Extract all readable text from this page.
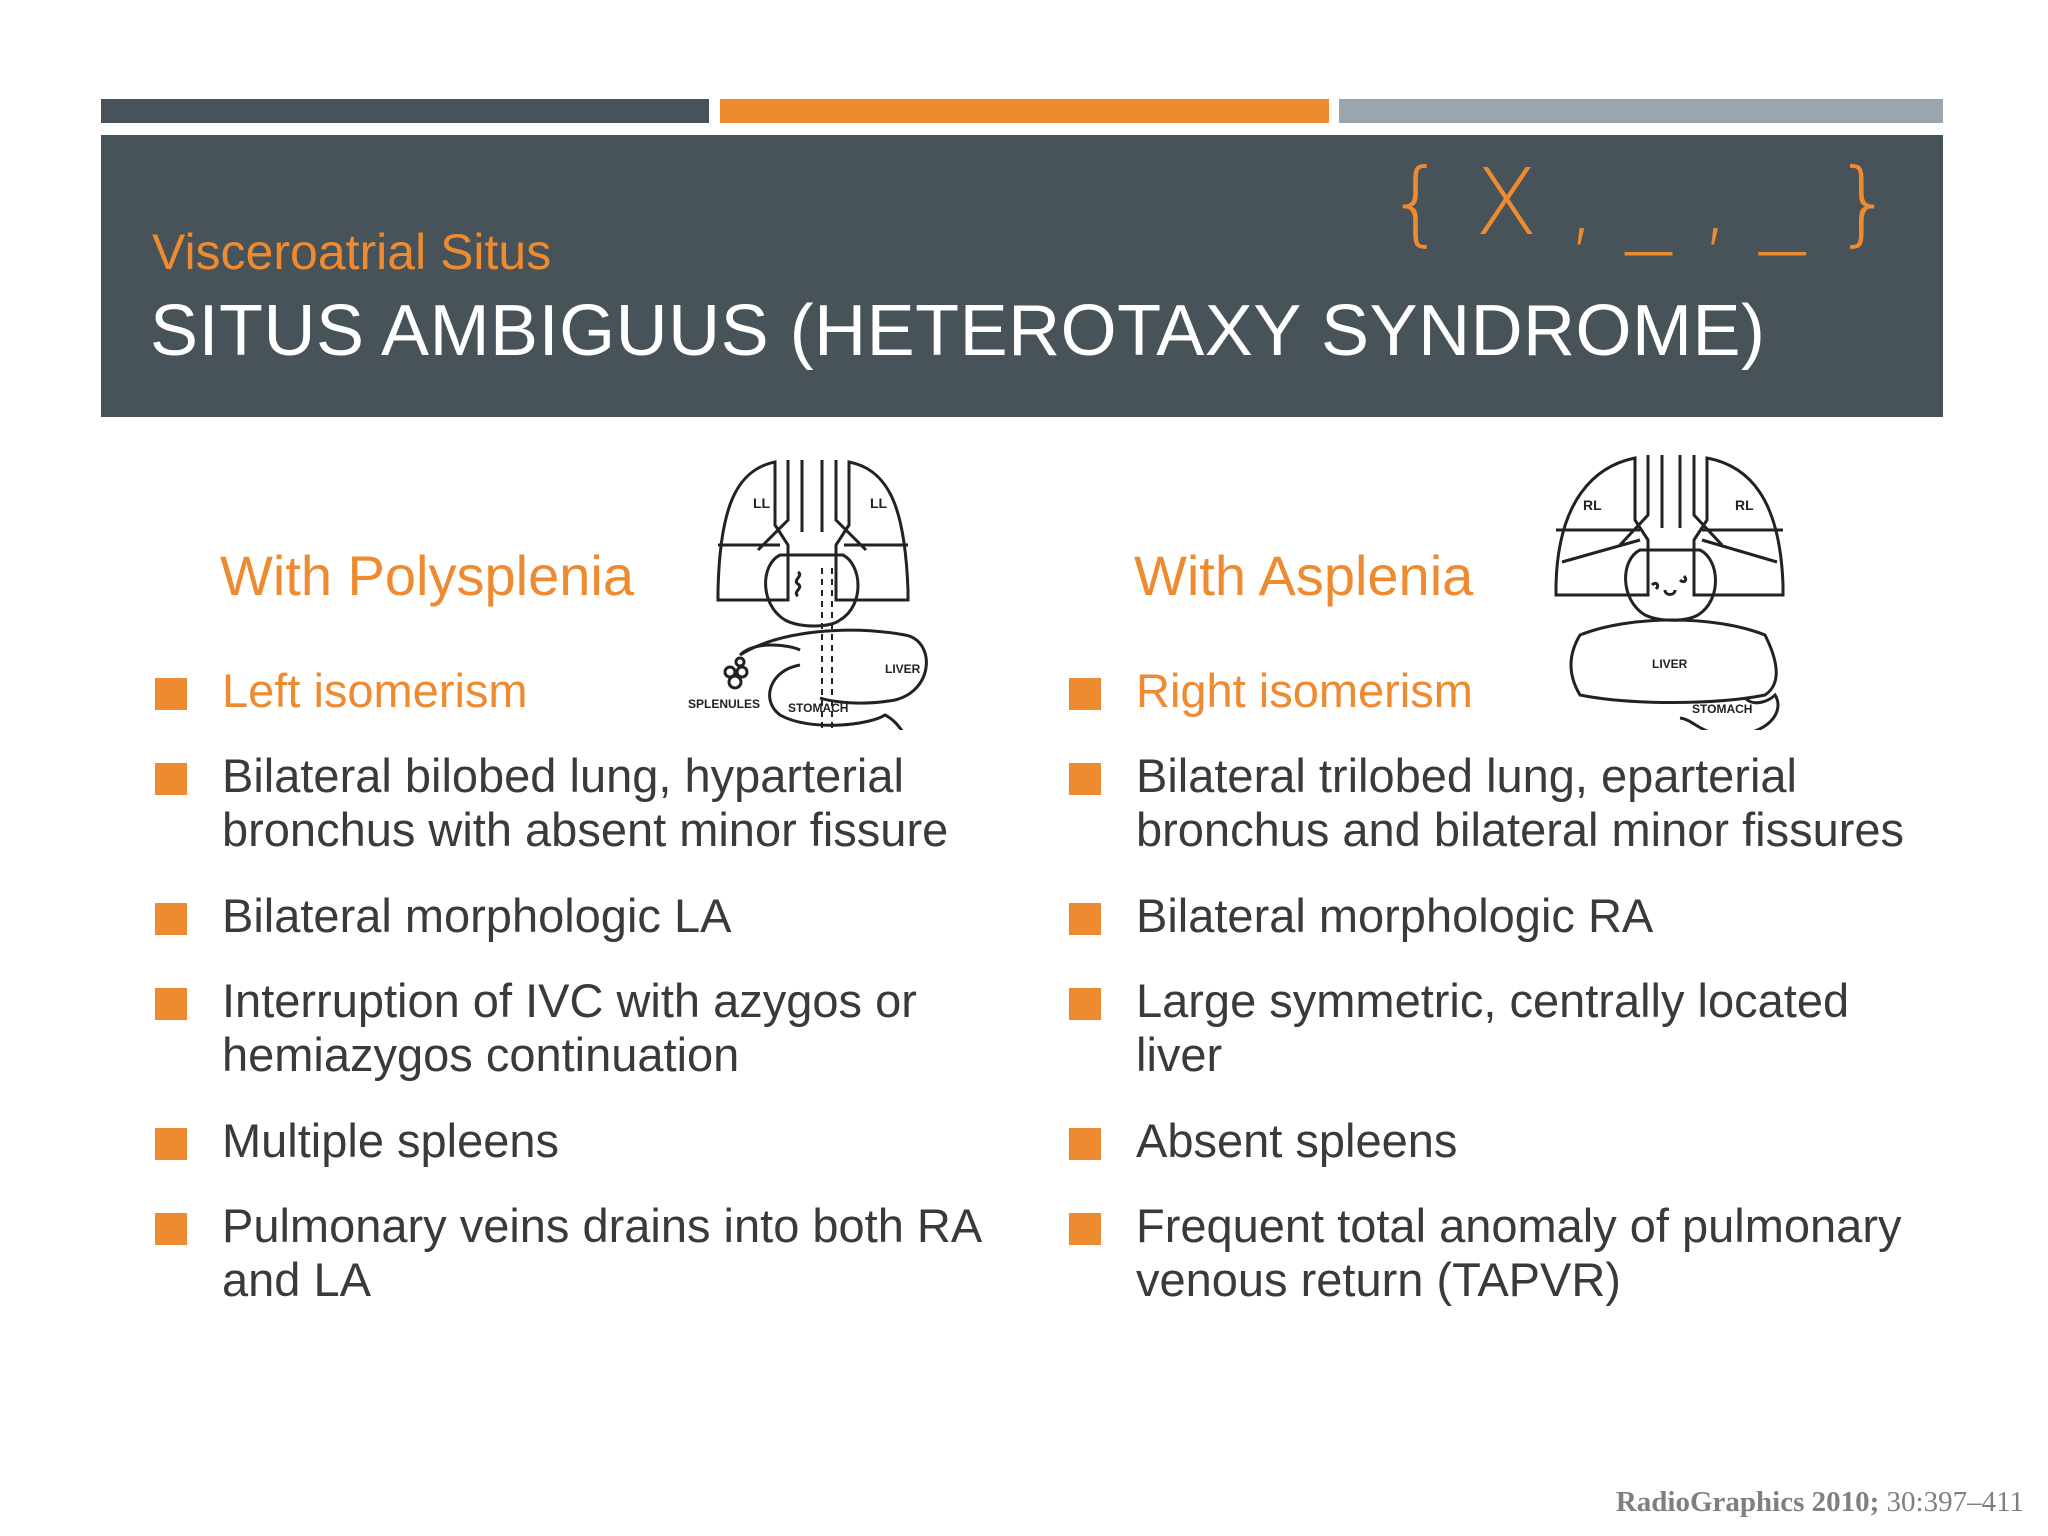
Visceroatrial Situs
SITUS AMBIGUUS (HETEROTAXY SYNDROME)
{ X , _ , _ }
With Polysplenia
LL	LL
LIVER
STOMACH
SPLENULES
Left isomerism
Bilateral bilobed lung, hyparterial bronchus with absent minor fissure
Bilateral morphologic LA
Interruption of IVC with azygos or hemiazygos continuation
Multiple spleens
Pulmonary veins drains into both RA and LA
With Asplenia
RL	RL
LIVER
STOMACH
Right isomerism
Bilateral trilobed lung, eparterial bronchus and bilateral minor fissures
Bilateral morphologic RA
Large symmetric, centrally located liver
Absent spleens
Frequent total anomaly of pulmonary venous return (TAPVR)
RadioGraphics 2010; 30:397–411
